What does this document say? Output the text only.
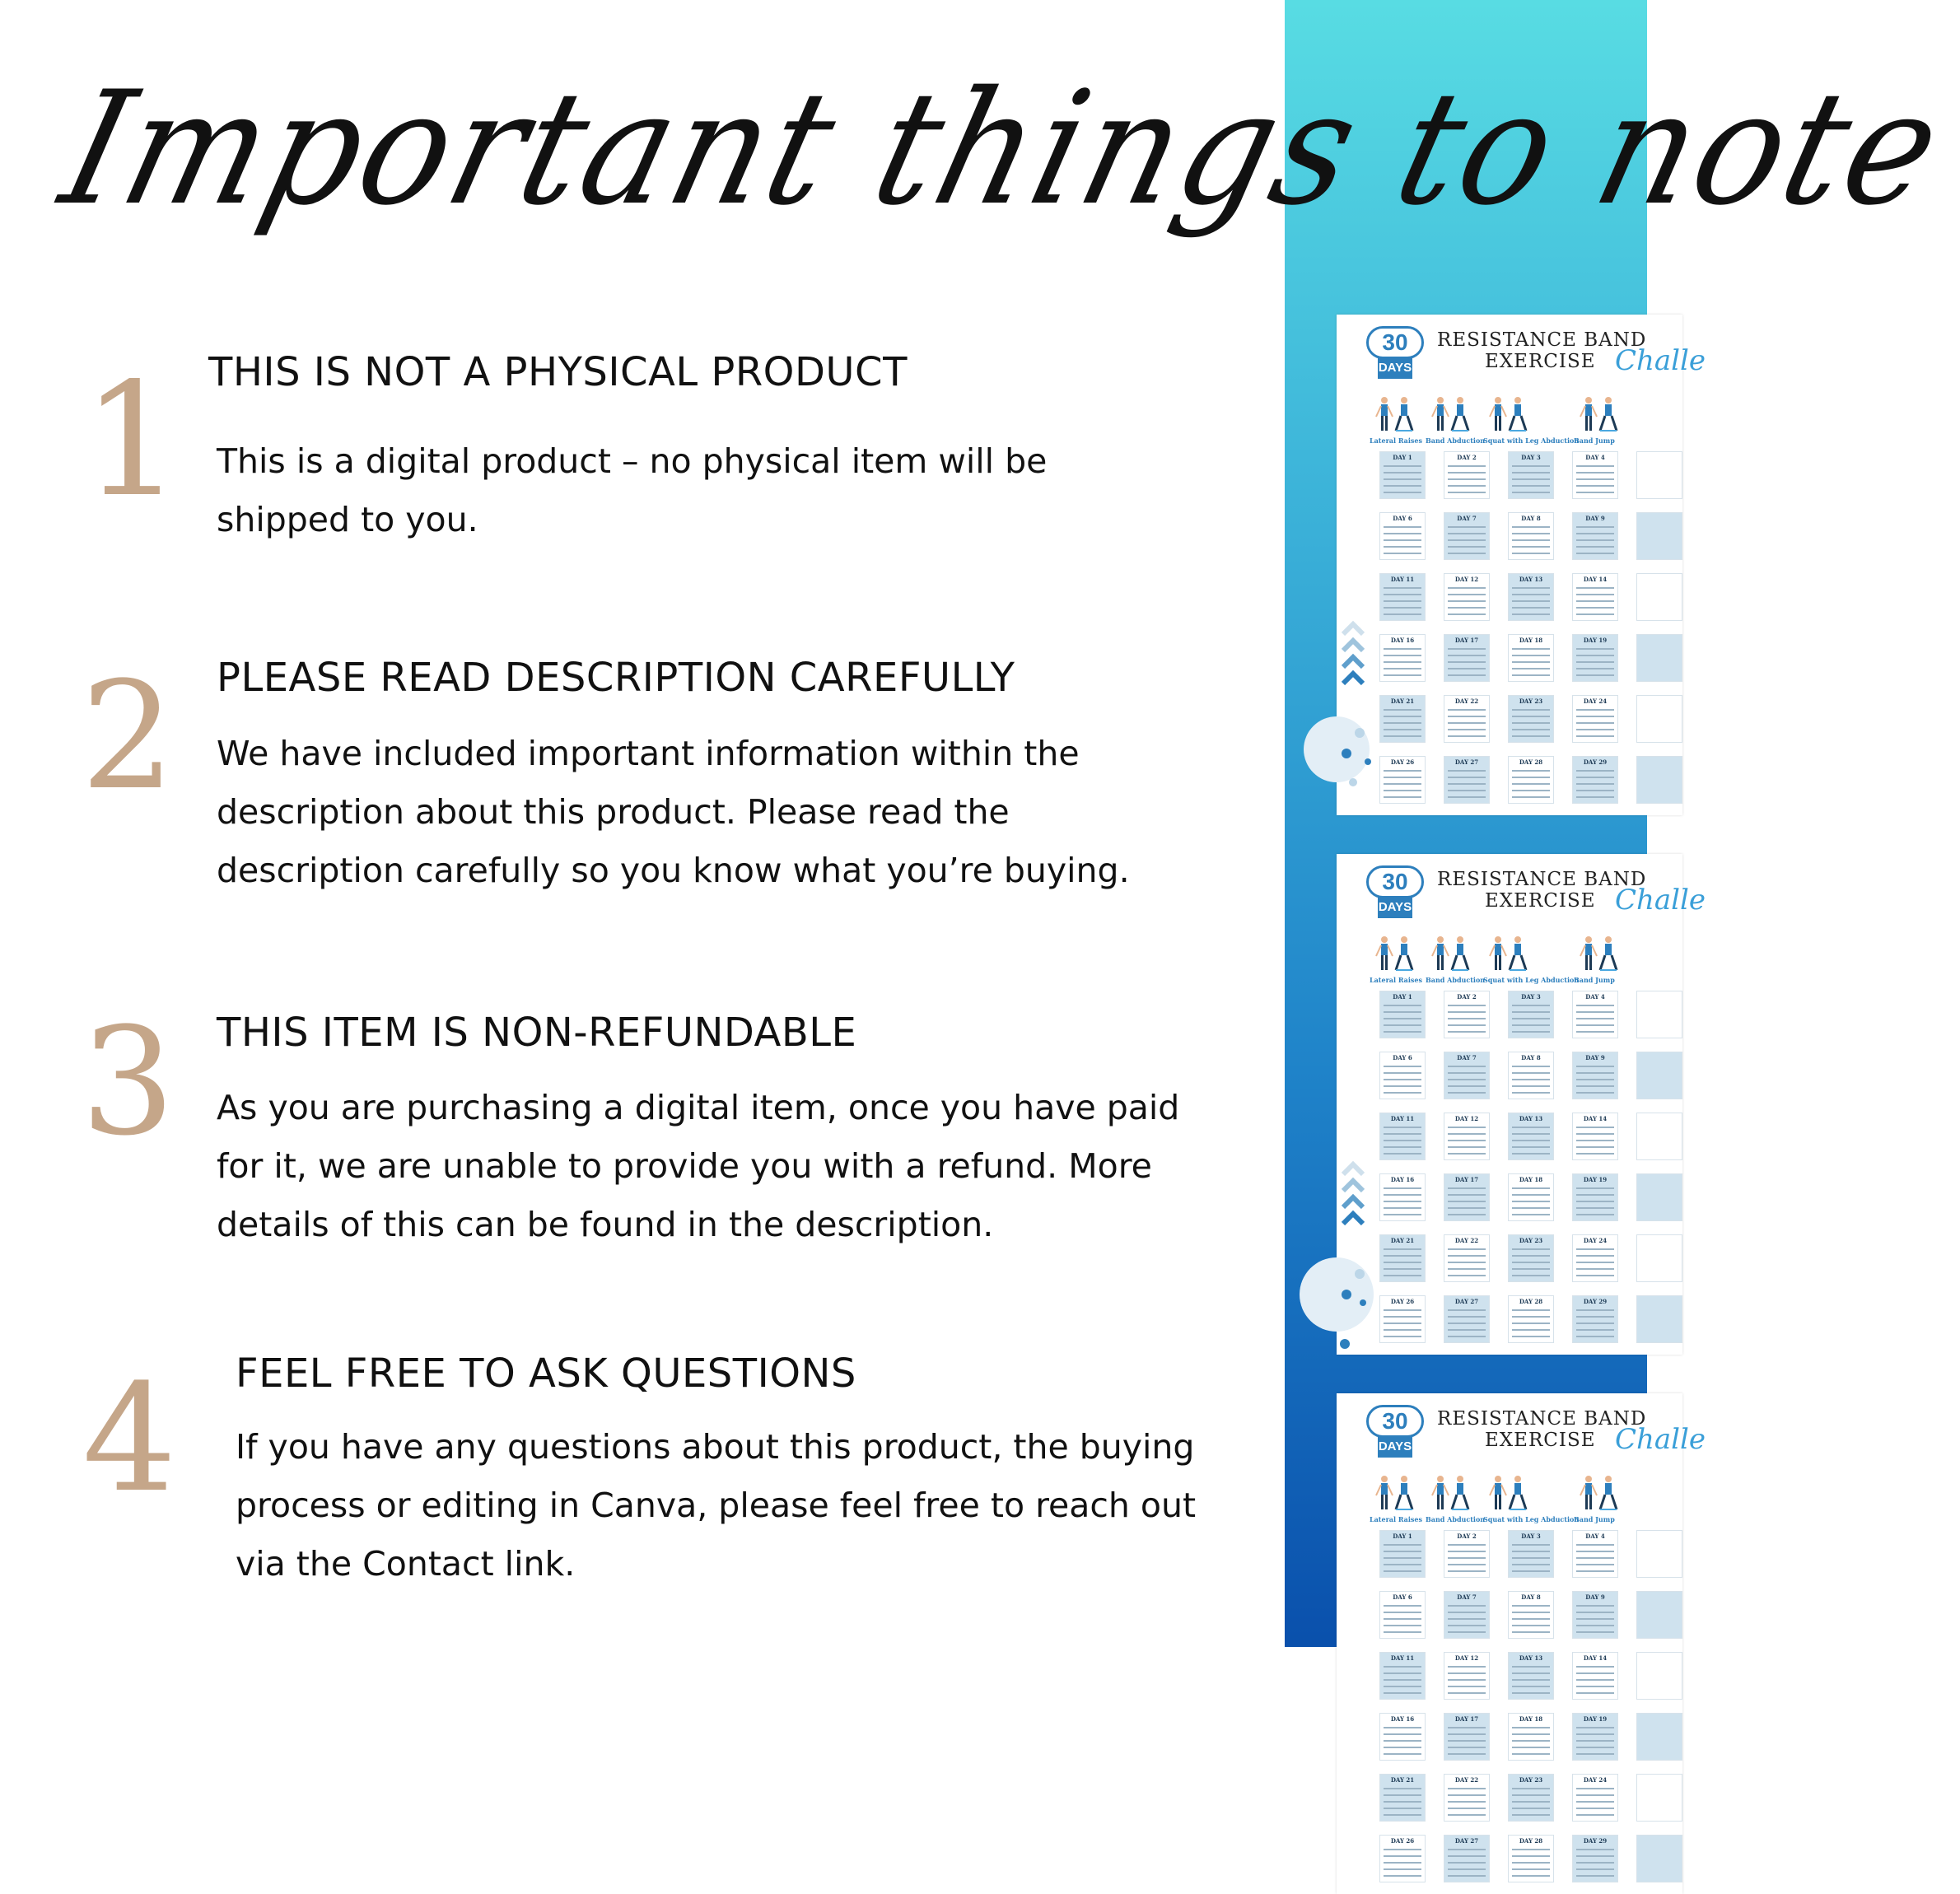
Important things to note
1 THIS IS NOT A PHYSICAL PRODUCT

This is a digital product – no physical item will be shipped to you.

2 PLEASE READ DESCRIPTION CAREFULLY

We have included important information within the description about this product. Please read the description carefully so you know what you’re buying.

3 THIS ITEM IS NON-REFUNDABLE

As you are purchasing a digital item, once you have paid for it, we are unable to provide you with a refund. More details of this can be found in the description.

4 FEEL FREE TO ASK QUESTIONS

If you have any questions about this product, the buying process or editing in Canva, please feel free to reach out via the Contact link.

30
DAYS
RESISTANCE BAND
EXERCISE Challe
Lateral Raises Band Abduction
Squat with Leg Abduction
Band Jump
DAY 1	DAY 2	DAY 3	DAY 4
DAY 6	DAY 7	DAY 8	DAY 9
DAY 11	DAY 12	DAY 13	DAY 14
DAY 16	DAY 17	DAY 18	DAY 19
DAY 21	DAY 22	DAY 23	DAY 24
DAY 26	DAY 27	DAY 28	DAY 29
30
DAYS
RESISTANCE BAND
EXERCISE Challe
Lateral Raises Band Abduction
Squat with Leg Abduction
Band Jump
DAY 1	DAY 2	DAY 3	DAY 4
DAY 6	DAY 7	DAY 8	DAY 9
DAY 11	DAY 12	DAY 13	DAY 14
DAY 16	DAY 17	DAY 18	DAY 19
DAY 21	DAY 22	DAY 23	DAY 24
DAY 26	DAY 27	DAY 28	DAY 29
30
DAYS
RESISTANCE BAND
EXERCISE Challe
Lateral Raises Band Abduction
Squat with Leg Abduction
Band Jump
DAY 1	DAY 2	DAY 3	DAY 4
DAY 6	DAY 7	DAY 8	DAY 9
DAY 11	DAY 12	DAY 13	DAY 14
DAY 16	DAY 17	DAY 18	DAY 19
DAY 21	DAY 22	DAY 23	DAY 24
DAY 26	DAY 27	DAY 28	DAY 29
